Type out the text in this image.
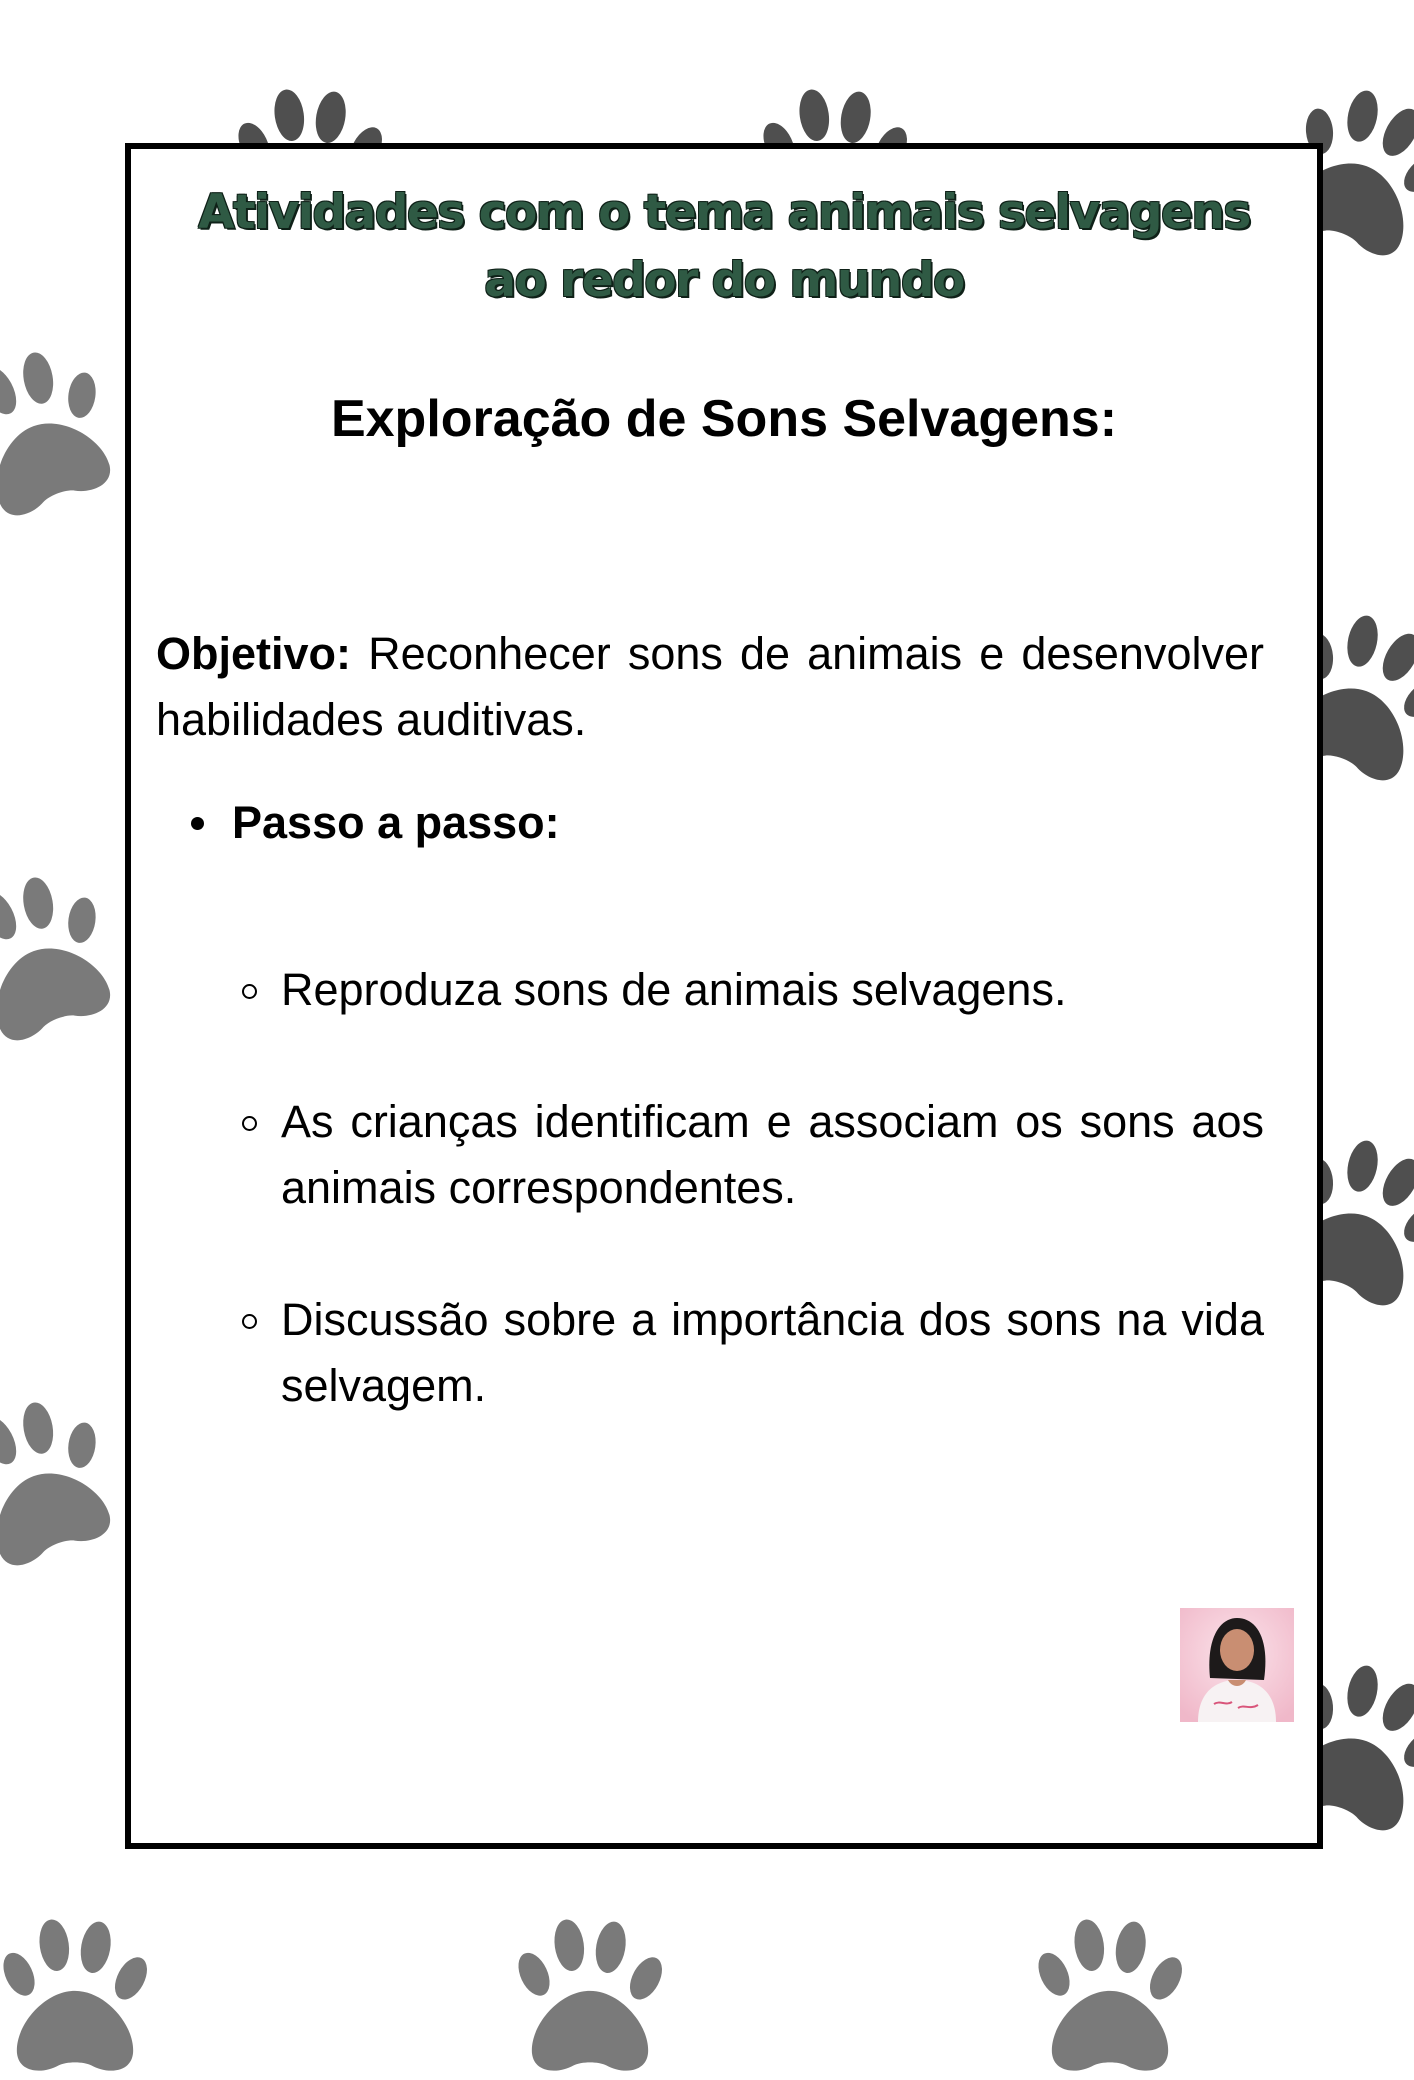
Atividades com o tema animais selvagens
ao redor do mundo
Exploração de Sons Selvagens:

Objetivo: Reconhecer sons de animais e desenvolver habilidades auditivas.

Passo a passo:

Reproduza sons de animais selvagens.

As crianças identificam e associam os sons aos animais correspondentes.

Discussão sobre a importância dos sons na vida selvagem.
